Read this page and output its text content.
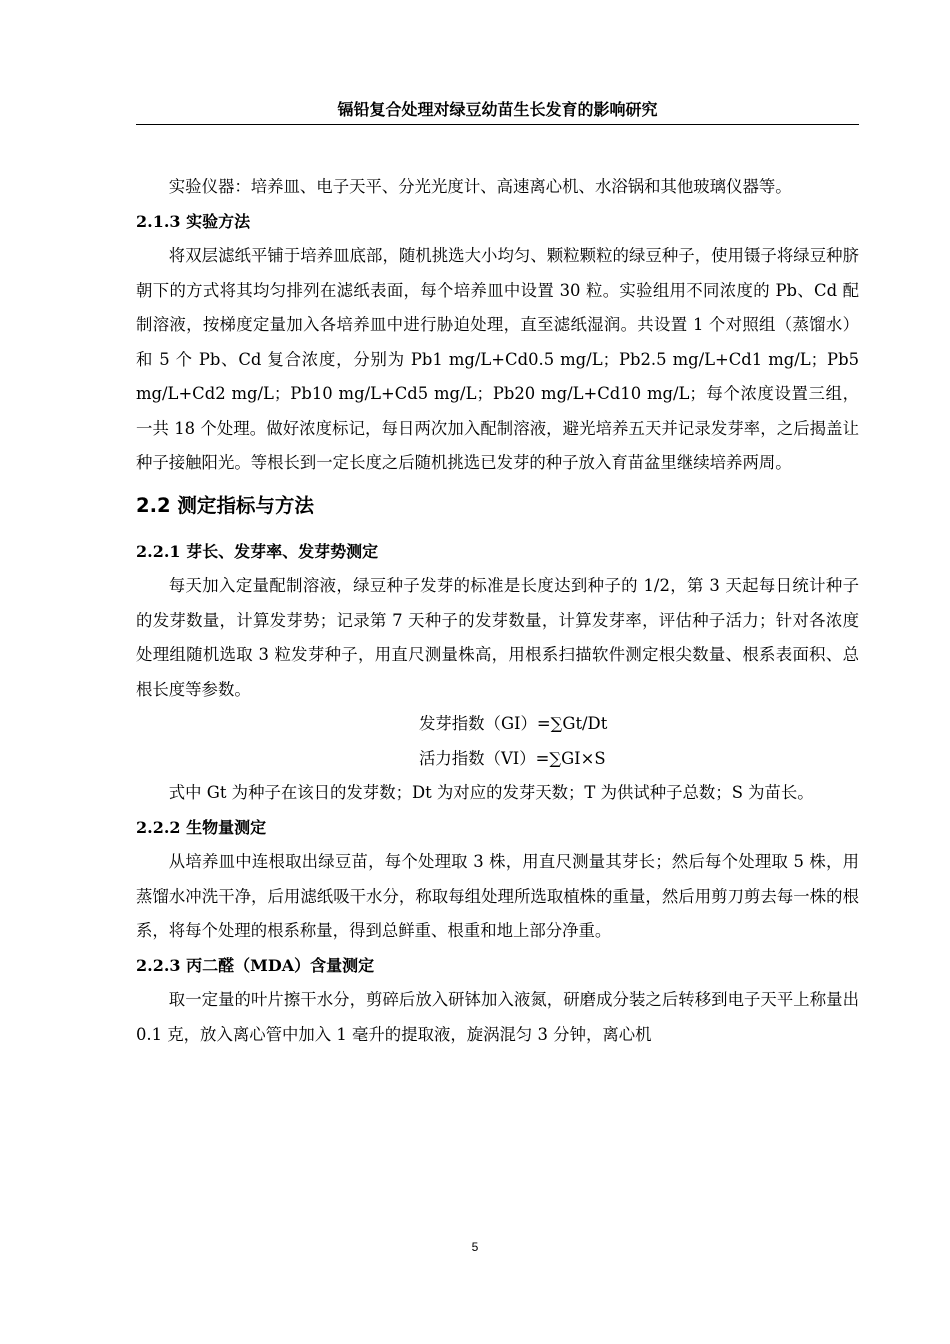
镉铅复合处理对绿豆幼苗生长发育的影响研究

实验仪器：培养皿、电子天平、分光光度计、高速离心机、水浴锅和其他玻璃仪器等。

2.1.3 实验方法

将双层滤纸平铺于培养皿底部，随机挑选大小均匀、颗粒颗粒的绿豆种子，使用镊子将绿豆种脐朝下的方式将其均匀排列在滤纸表面，每个培养皿中设置 30 粒。实验组用不同浓度的 Pb、Cd 配制溶液，按梯度定量加入各培养皿中进行胁迫处理，直至滤纸湿润。共设置 1 个对照组（蒸馏水）和 5 个 Pb、Cd 复合浓度，分别为 Pb1 mg/L+Cd0.5 mg/L；Pb2.5 mg/L+Cd1 mg/L；Pb5 mg/L+Cd2 mg/L；Pb10 mg/L+Cd5 mg/L；Pb20 mg/L+Cd10 mg/L；每个浓度设置三组，一共 18 个处理。做好浓度标记，每日两次加入配制溶液，避光培养五天并记录发芽率，之后揭盖让种子接触阳光。等根长到一定长度之后随机挑选已发芽的种子放入育苗盆里继续培养两周。

2.2 测定指标与方法

2.2.1 芽长、发芽率、发芽势测定

每天加入定量配制溶液，绿豆种子发芽的标准是长度达到种子的 1/2，第 3 天起每日统计种子的发芽数量，计算发芽势；记录第 7 天种子的发芽数量，计算发芽率，评估种子活力；针对各浓度处理组随机选取 3 粒发芽种子，用直尺测量株高，用根系扫描软件测定根尖数量、根系表面积、总根长度等参数。

发芽指数（GI）=∑Gt/Dt

活力指数（VI）=∑GI×S

式中 Gt 为种子在该日的发芽数；Dt 为对应的发芽天数；T 为供试种子总数；S 为苗长。

2.2.2 生物量测定

从培养皿中连根取出绿豆苗，每个处理取 3 株，用直尺测量其芽长；然后每个处理取 5 株，用蒸馏水冲洗干净，后用滤纸吸干水分，称取每组处理所选取植株的重量，然后用剪刀剪去每一株的根系，将每个处理的根系称量，得到总鲜重、根重和地上部分净重。

2.2.3 丙二醛（MDA）含量测定

取一定量的叶片擦干水分，剪碎后放入研钵加入液氮，研磨成分装之后转移到电子天平上称量出 0.1 克，放入离心管中加入 1 毫升的提取液，旋涡混匀 3 分钟，离心机

5
